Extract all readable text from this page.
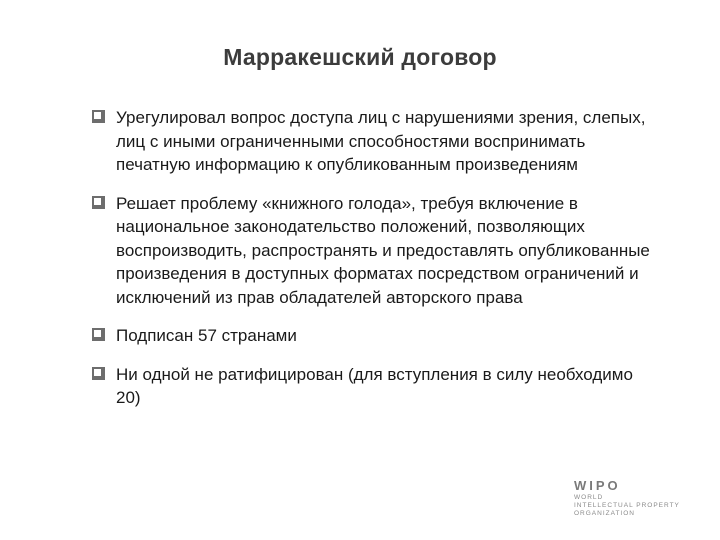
Марракешский договор
Урегулировал вопрос доступа лиц с нарушениями зрения, слепых, лиц с иными ограниченными способностями воспринимать печатную информацию к опубликованным произведениям
Решает проблему «книжного голода», требуя включение в национальное законодательство положений, позволяющих воспроизводить, распространять и предоставлять опубликованные произведения в доступных форматах посредством ограничений и исключений из прав обладателей авторского права
Подписан 57 странами
Ни одной не ратифицирован (для вступления в силу необходимо 20)
WIPO
WORLD
INTELLECTUAL PROPERTY
ORGANIZATION
